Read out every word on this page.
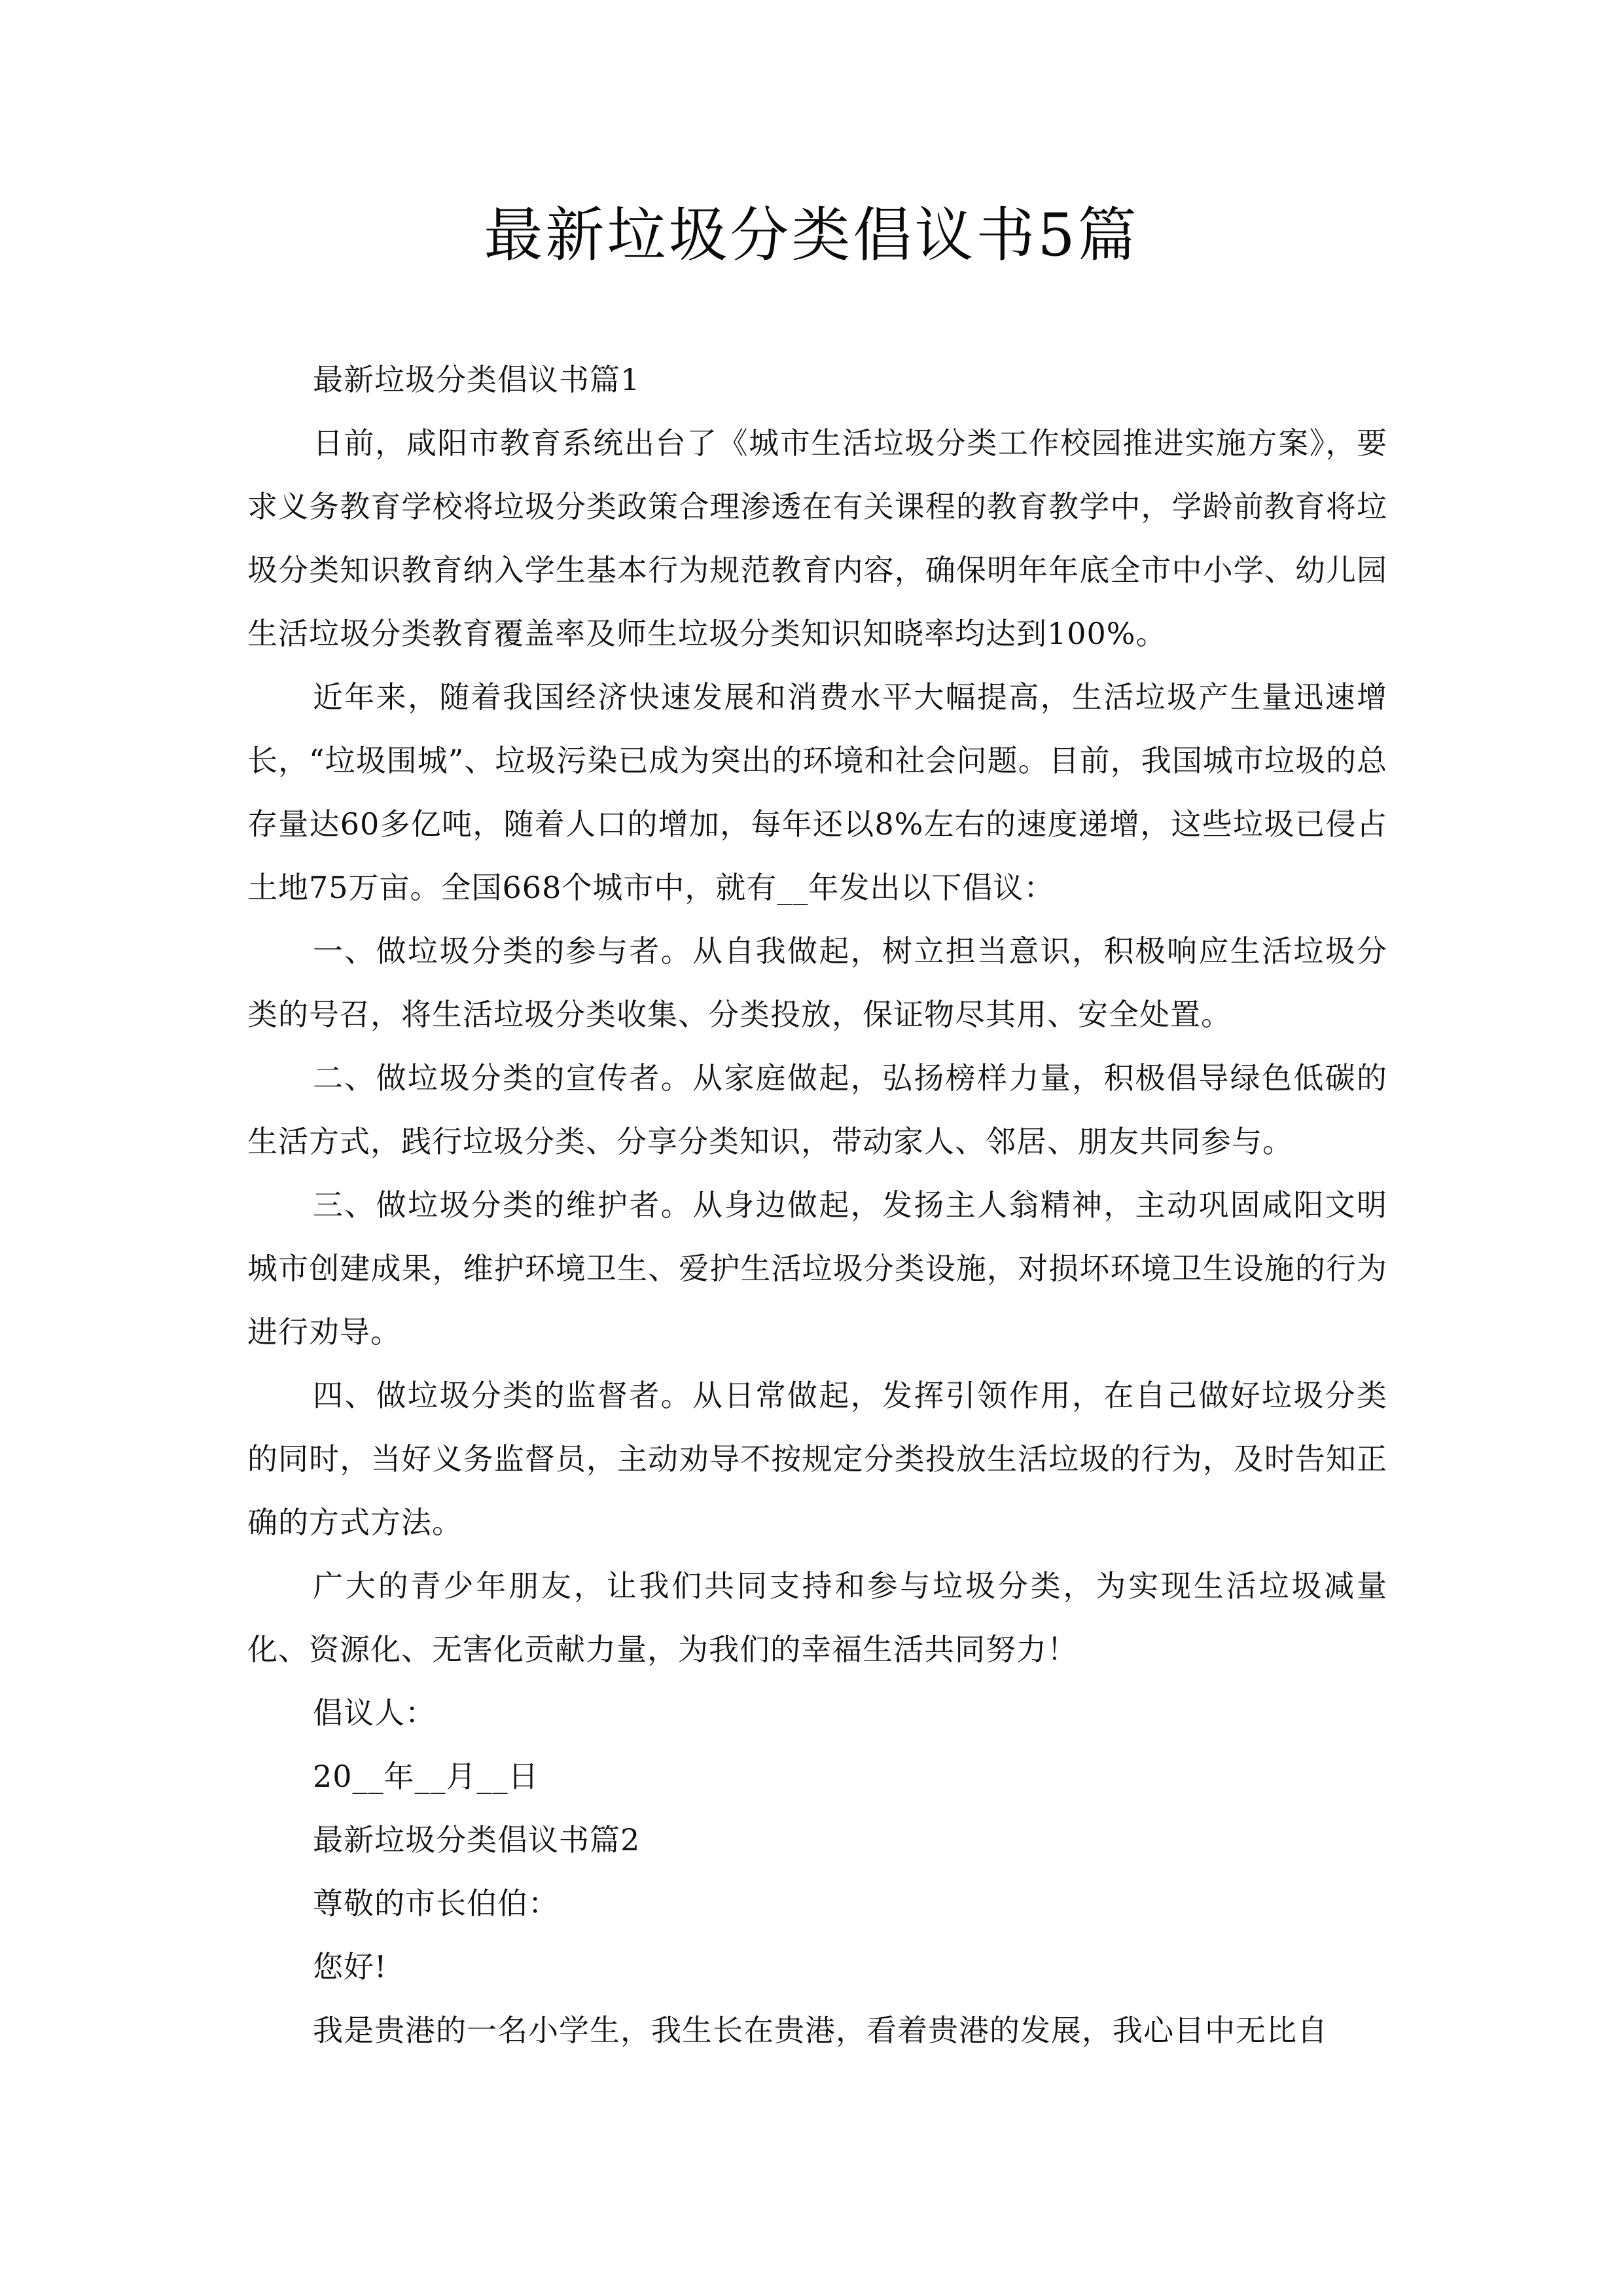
最新垃圾分类倡议书5篇

最新垃圾分类倡议书篇1

日前，咸阳市教育系统出台了《城市生活垃圾分类工作校园推进实施方案》，要求义务教育学校将垃圾分类政策合理渗透在有关课程的教育教学中，学龄前教育将垃圾分类知识教育纳入学生基本行为规范教育内容，确保明年年底全市中小学、幼儿园生活垃圾分类教育覆盖率及师生垃圾分类知识知晓率均达到100%。

近年来，随着我国经济快速发展和消费水平大幅提高，生活垃圾产生量迅速增长，“垃圾围城”、垃圾污染已成为突出的环境和社会问题。目前，我国城市垃圾的总存量达60多亿吨，随着人口的增加，每年还以8%左右的速度递增，这些垃圾已侵占土地75万亩。全国668个城市中，就有__年发出以下倡议：

一、做垃圾分类的参与者。从自我做起，树立担当意识，积极响应生活垃圾分类的号召，将生活垃圾分类收集、分类投放，保证物尽其用、安全处置。

二、做垃圾分类的宣传者。从家庭做起，弘扬榜样力量，积极倡导绿色低碳的生活方式，践行垃圾分类、分享分类知识，带动家人、邻居、朋友共同参与。

三、做垃圾分类的维护者。从身边做起，发扬主人翁精神，主动巩固咸阳文明城市创建成果，维护环境卫生、爱护生活垃圾分类设施，对损坏环境卫生设施的行为进行劝导。

四、做垃圾分类的监督者。从日常做起，发挥引领作用，在自己做好垃圾分类的同时，当好义务监督员，主动劝导不按规定分类投放生活垃圾的行为，及时告知正确的方式方法。

广大的青少年朋友，让我们共同支持和参与垃圾分类，为实现生活垃圾减量化、资源化、无害化贡献力量，为我们的幸福生活共同努力！

倡议人：

20__年__月__日

最新垃圾分类倡议书篇2

尊敬的市长伯伯：

您好!

我是贵港的一名小学生，我生长在贵港，看着贵港的发展，我心目中无比自
